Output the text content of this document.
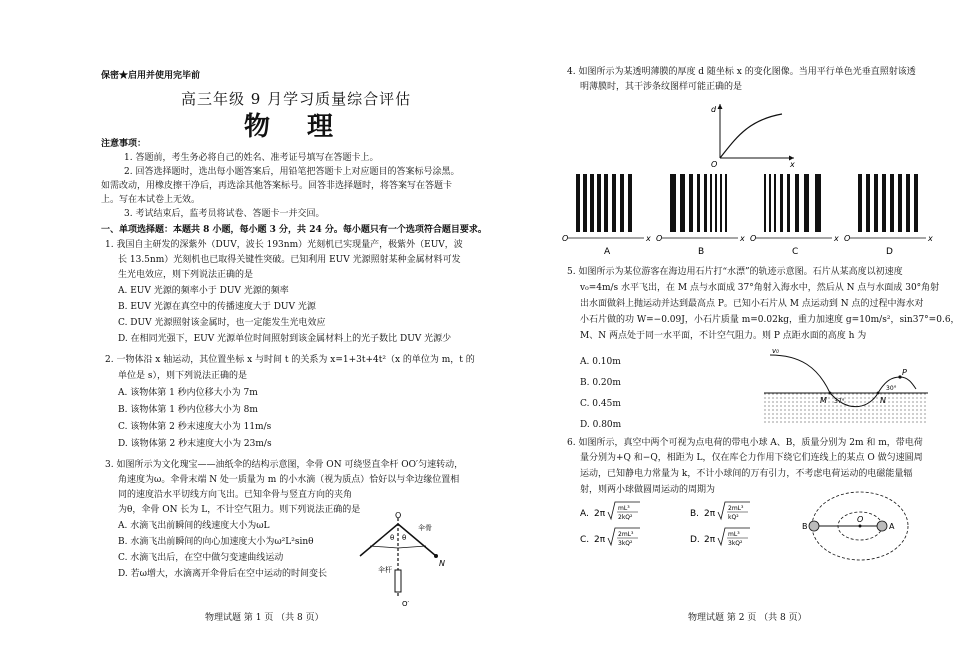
保密★启用并使用完毕前
高三年级 9 月学习质量综合评估
物 理
注意事项：
1. 答题前，考生务必将自己的姓名、准考证号填写在答题卡上。
2. 回答选择题时，选出每小题答案后，用铅笔把答题卡上对应题目的答案标号涂黑。
如需改动，用橡皮擦干净后，再选涂其他答案标号。回答非选择题时，将答案写在答题卡
上。写在本试卷上无效。
3. 考试结束后，监考员将试卷、答题卡一并交回。
一、单项选择题：本题共 8 小题，每小题 3 分，共 24 分。每小题只有一个选项符合题目要求。
1. 我国自主研发的深紫外（DUV，波长 193nm）光刻机已实现量产，极紫外（EUV，波
长 13.5nm）光刻机也已取得关键性突破。已知利用 EUV 光源照射某种金属材料可发
生光电效应，则下列说法正确的是
A. EUV 光源的频率小于 DUV 光源的频率
B. EUV 光源在真空中的传播速度大于 DUV 光源
C. DUV 光源照射该金属时，也一定能发生光电效应
D. 在相同光强下，EUV 光源单位时间照射到该金属材料上的光子数比 DUV 光源少
2. 一物体沿 x 轴运动，其位置坐标 x 与时间 t 的关系为 x=1+3t+4t²（x 的单位为 m，t 的
单位是 s），则下列说法正确的是
A. 该物体第 1 秒内位移大小为 7m
B. 该物体第 1 秒内位移大小为 8m
C. 该物体第 2 秒末速度大小为 11m/s
D. 该物体第 2 秒末速度大小为 23m/s
3. 如图所示为文化瑰宝——油纸伞的结构示意图，伞骨 ON 可绕竖直伞杆 OO′匀速转动，
角速度为ω。伞骨末端 N 处一质量为 m 的小水滴（视为质点）恰好以与伞边缘位置相
同的速度沿水平切线方向飞出。已知伞骨与竖直方向的夹角
为θ，伞骨 ON 长为 L，不计空气阻力。则下列说法正确的是
A. 水滴飞出前瞬间的线速度大小为ωL
B. 水滴飞出前瞬间的向心加速度大小为ω²L²sinθ
C. 水滴飞出后，在空中做匀变速曲线运动
D. 若ω增大，水滴离开伞骨后在空中运动的时间变长
O
N
θ θ
伞骨
伞杆
O′
物理试题 第 1 页 （共 8 页）
4. 如图所示为某透明薄膜的厚度 d 随坐标 x 的变化图像。当用平行单色光垂直照射该透
明薄膜时，其干涉条纹图样可能正确的是
d
x
O
O	x
A
O	x
B
O	x
C
O	x
D
5. 如图所示为某位游客在海边用石片打“水漂”的轨迹示意图。石片从某高度以初速度
v₀=4m/s 水平飞出，在 M 点与水面成 37°角射入海水中，然后从 N 点与水面成 30°角射
出水面做斜上抛运动并达到最高点 P。已知小石片从 M 点运动到 N 点的过程中海水对
小石片做的功 W=−0.09J，小石片质量 m=0.02kg，重力加速度 g=10m/s²，sin37°=0.6，
M、N 两点处于同一水平面，不计空气阻力。则 P 点距水面的高度 h 为
A. 0.10m
B. 0.20m
C. 0.45m
D. 0.80m
v₀
M 37°	N
30°
P
6. 如图所示，真空中两个可视为点电荷的带电小球 A、B，质量分别为 2m 和 m，带电荷
量分别为+Q 和−Q，相距为 L，仅在库仑力作用下绕它们连线上的某点 O 做匀速圆周
运动，已知静电力常量为 k，不计小球间的万有引力，不考虑电荷运动的电磁能量辐
射，则两小球做圆周运动的周期为
A. 2π
mL³
2kQ²	B. 2π
2mL³
kQ²
C. 2π
2mL³
3kQ²	D. 2π
mL³
3kQ²
B	A
O
物理试题 第 2 页 （共 8 页）
